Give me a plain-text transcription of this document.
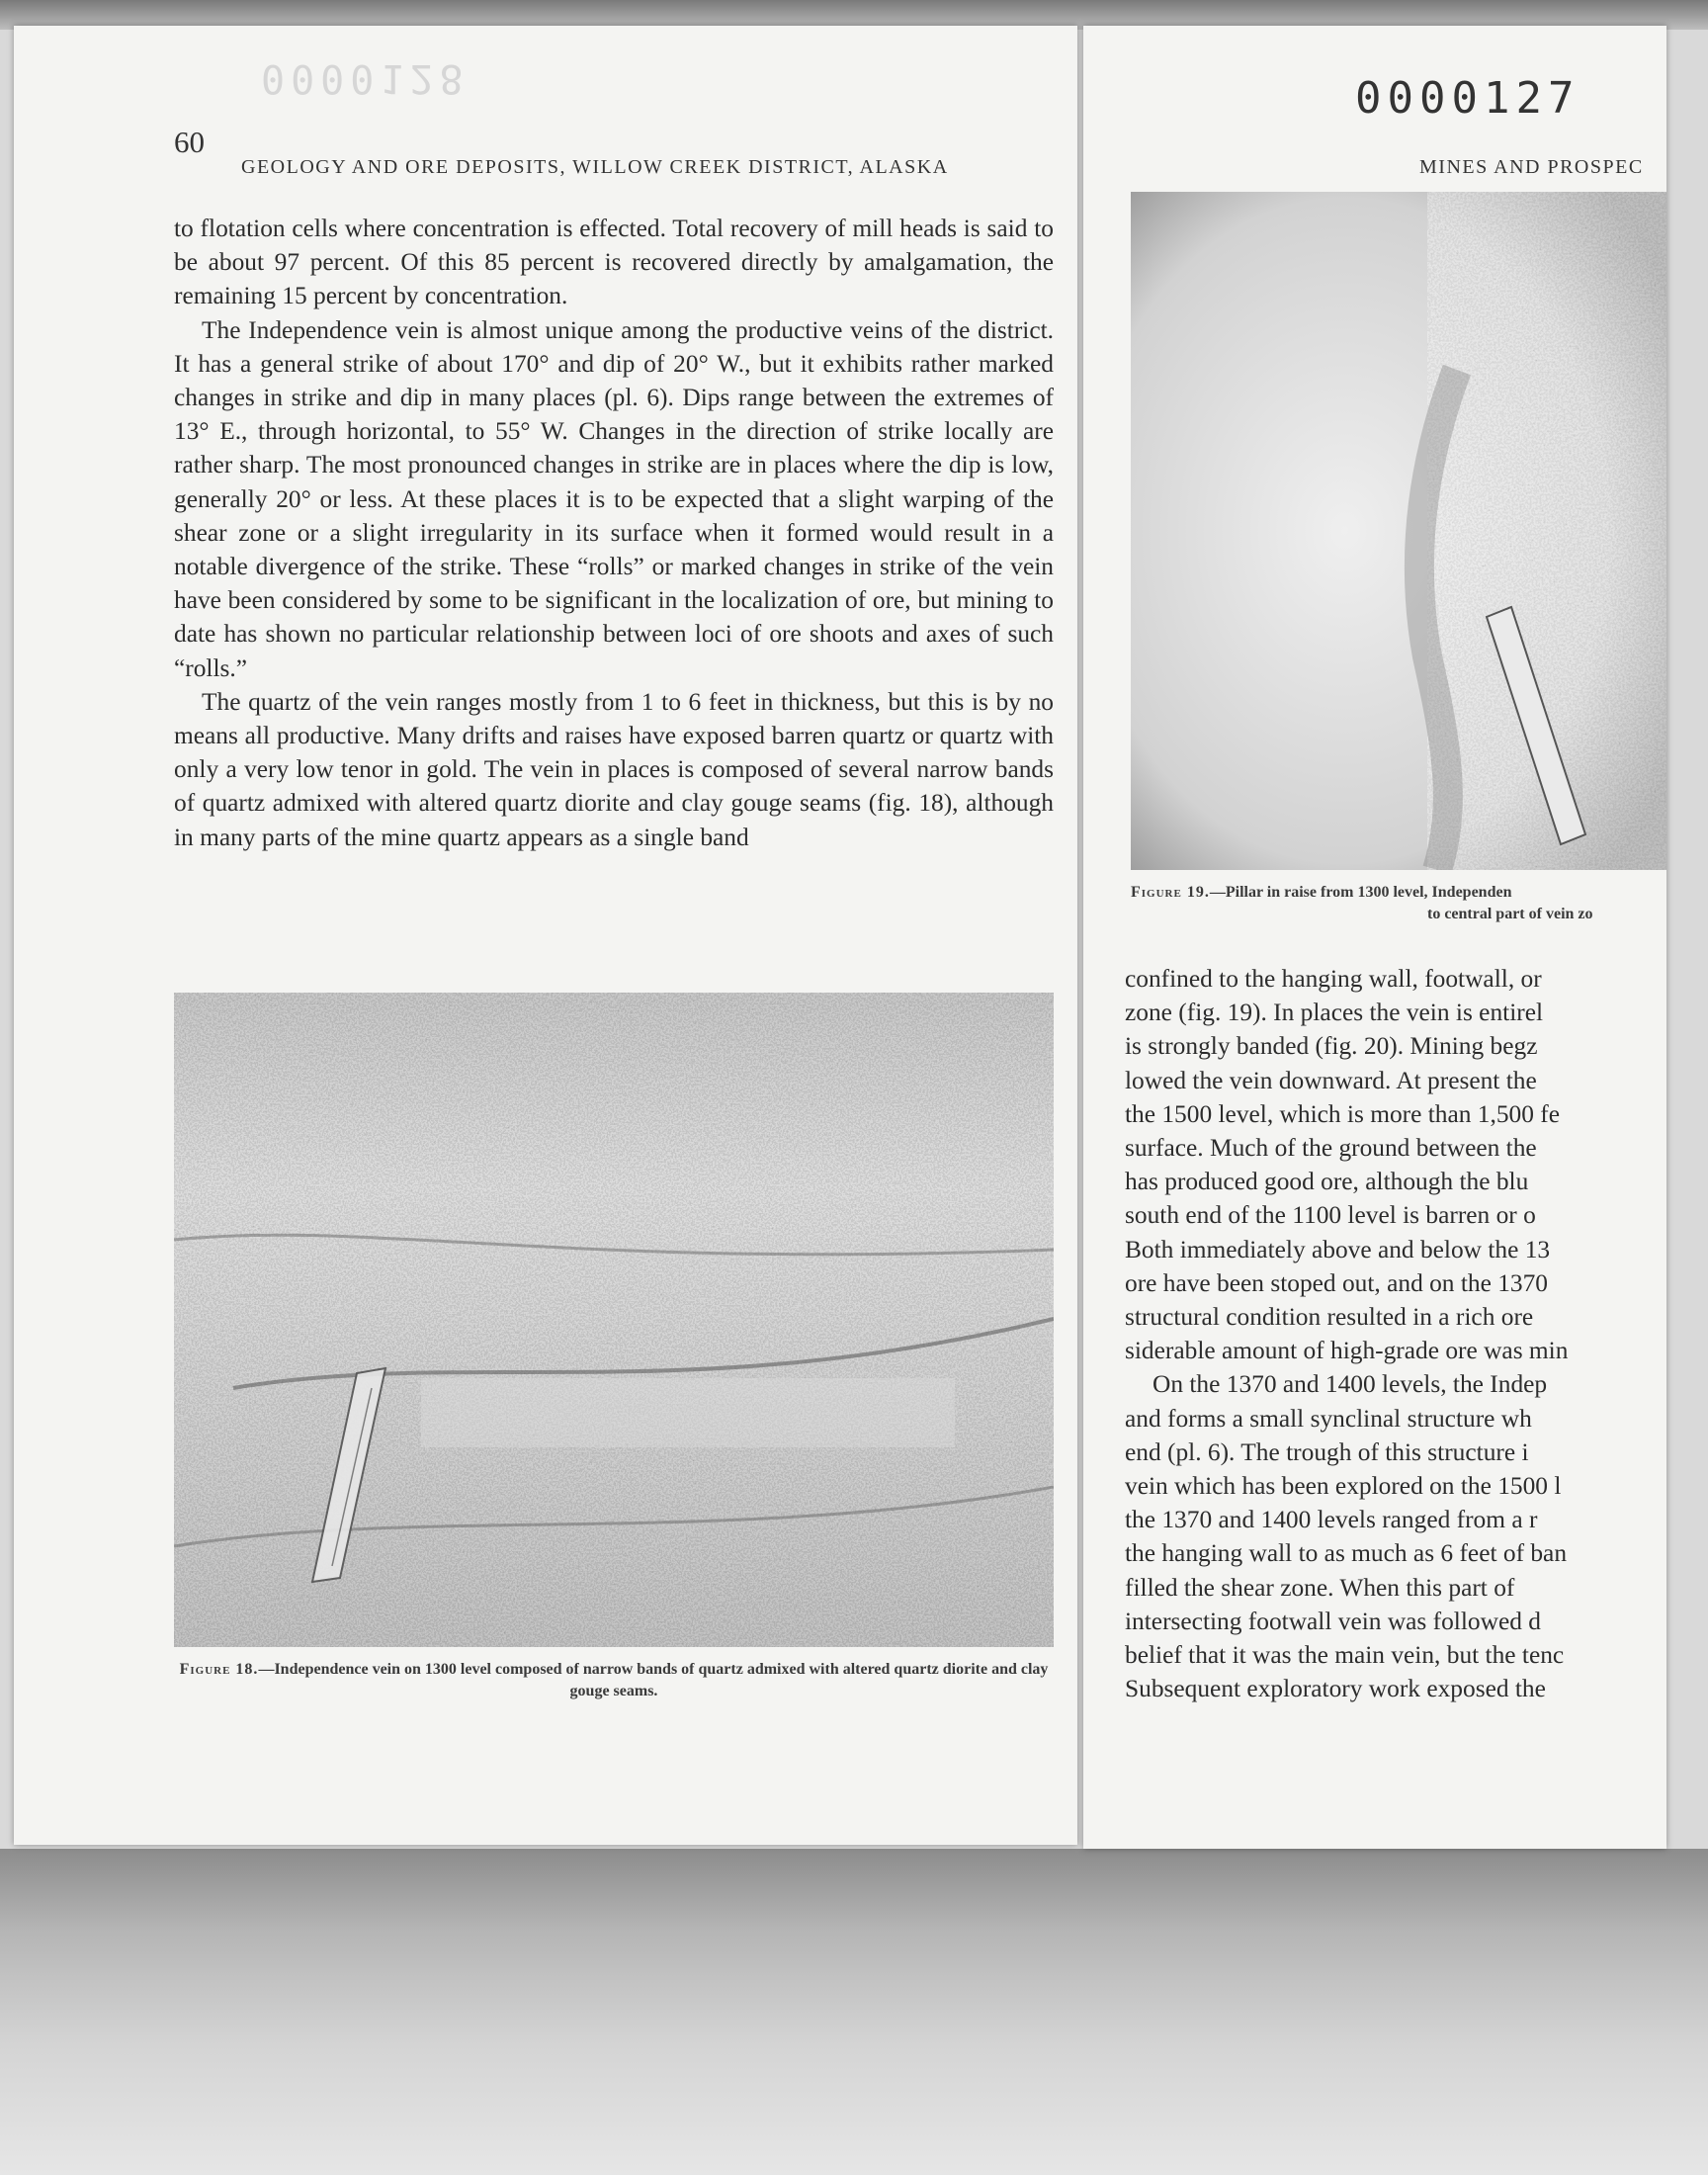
0000128
60
GEOLOGY AND ORE DEPOSITS, WILLOW CREEK DISTRICT, ALASKA

to flotation cells where concentration is effected. Total recovery of mill heads is said to be about 97 percent. Of this 85 percent is recovered directly by amalgamation, the remaining 15 percent by concentration.

The Independence vein is almost unique among the productive veins of the district. It has a general strike of about 170° and dip of 20° W., but it exhibits rather marked changes in strike and dip in many places (pl. 6). Dips range between the extremes of 13° E., through horizontal, to 55° W. Changes in the direction of strike locally are rather sharp. The most pronounced changes in strike are in places where the dip is low, generally 20° or less. At these places it is to be expected that a slight warping of the shear zone or a slight irregularity in its surface when it formed would result in a notable divergence of the strike. These “rolls” or marked changes in strike of the vein have been considered by some to be significant in the localization of ore, but mining to date has shown no particular relationship between loci of ore shoots and axes of such “rolls.”

The quartz of the vein ranges mostly from 1 to 6 feet in thickness, but this is by no means all productive. Many drifts and raises have exposed barren quartz or quartz with only a very low tenor in gold. The vein in places is composed of several narrow bands of quartz admixed with altered quartz diorite and clay gouge seams (fig. 18), although in many parts of the mine quartz appears as a single band

Figure 18.—Independence vein on 1300 level composed of narrow bands of quartz admixed with altered quartz diorite and clay gouge seams.
0000127
MINES AND PROSPEC
Figure 19.—Pillar in raise from 1300 level, Independen
to central part of vein zo

confined to the hanging wall, footwall, or

zone (fig. 19). In places the vein is entirel

is strongly banded (fig. 20). Mining begz

lowed the vein downward. At present the

the 1500 level, which is more than 1,500 fe

surface. Much of the ground between the

has produced good ore, although the blu

south end of the 1100 level is barren or o

Both immediately above and below the 13

ore have been stoped out, and on the 1370

structural condition resulted in a rich ore

siderable amount of high-grade ore was min

On the 1370 and 1400 levels, the Indep

and forms a small synclinal structure wh

end (pl. 6). The trough of this structure i

vein which has been explored on the 1500 l

the 1370 and 1400 levels ranged from a r

the hanging wall to as much as 6 feet of ban

filled the shear zone. When this part of

intersecting footwall vein was followed d

belief that it was the main vein, but the tenc

Subsequent exploratory work exposed the
